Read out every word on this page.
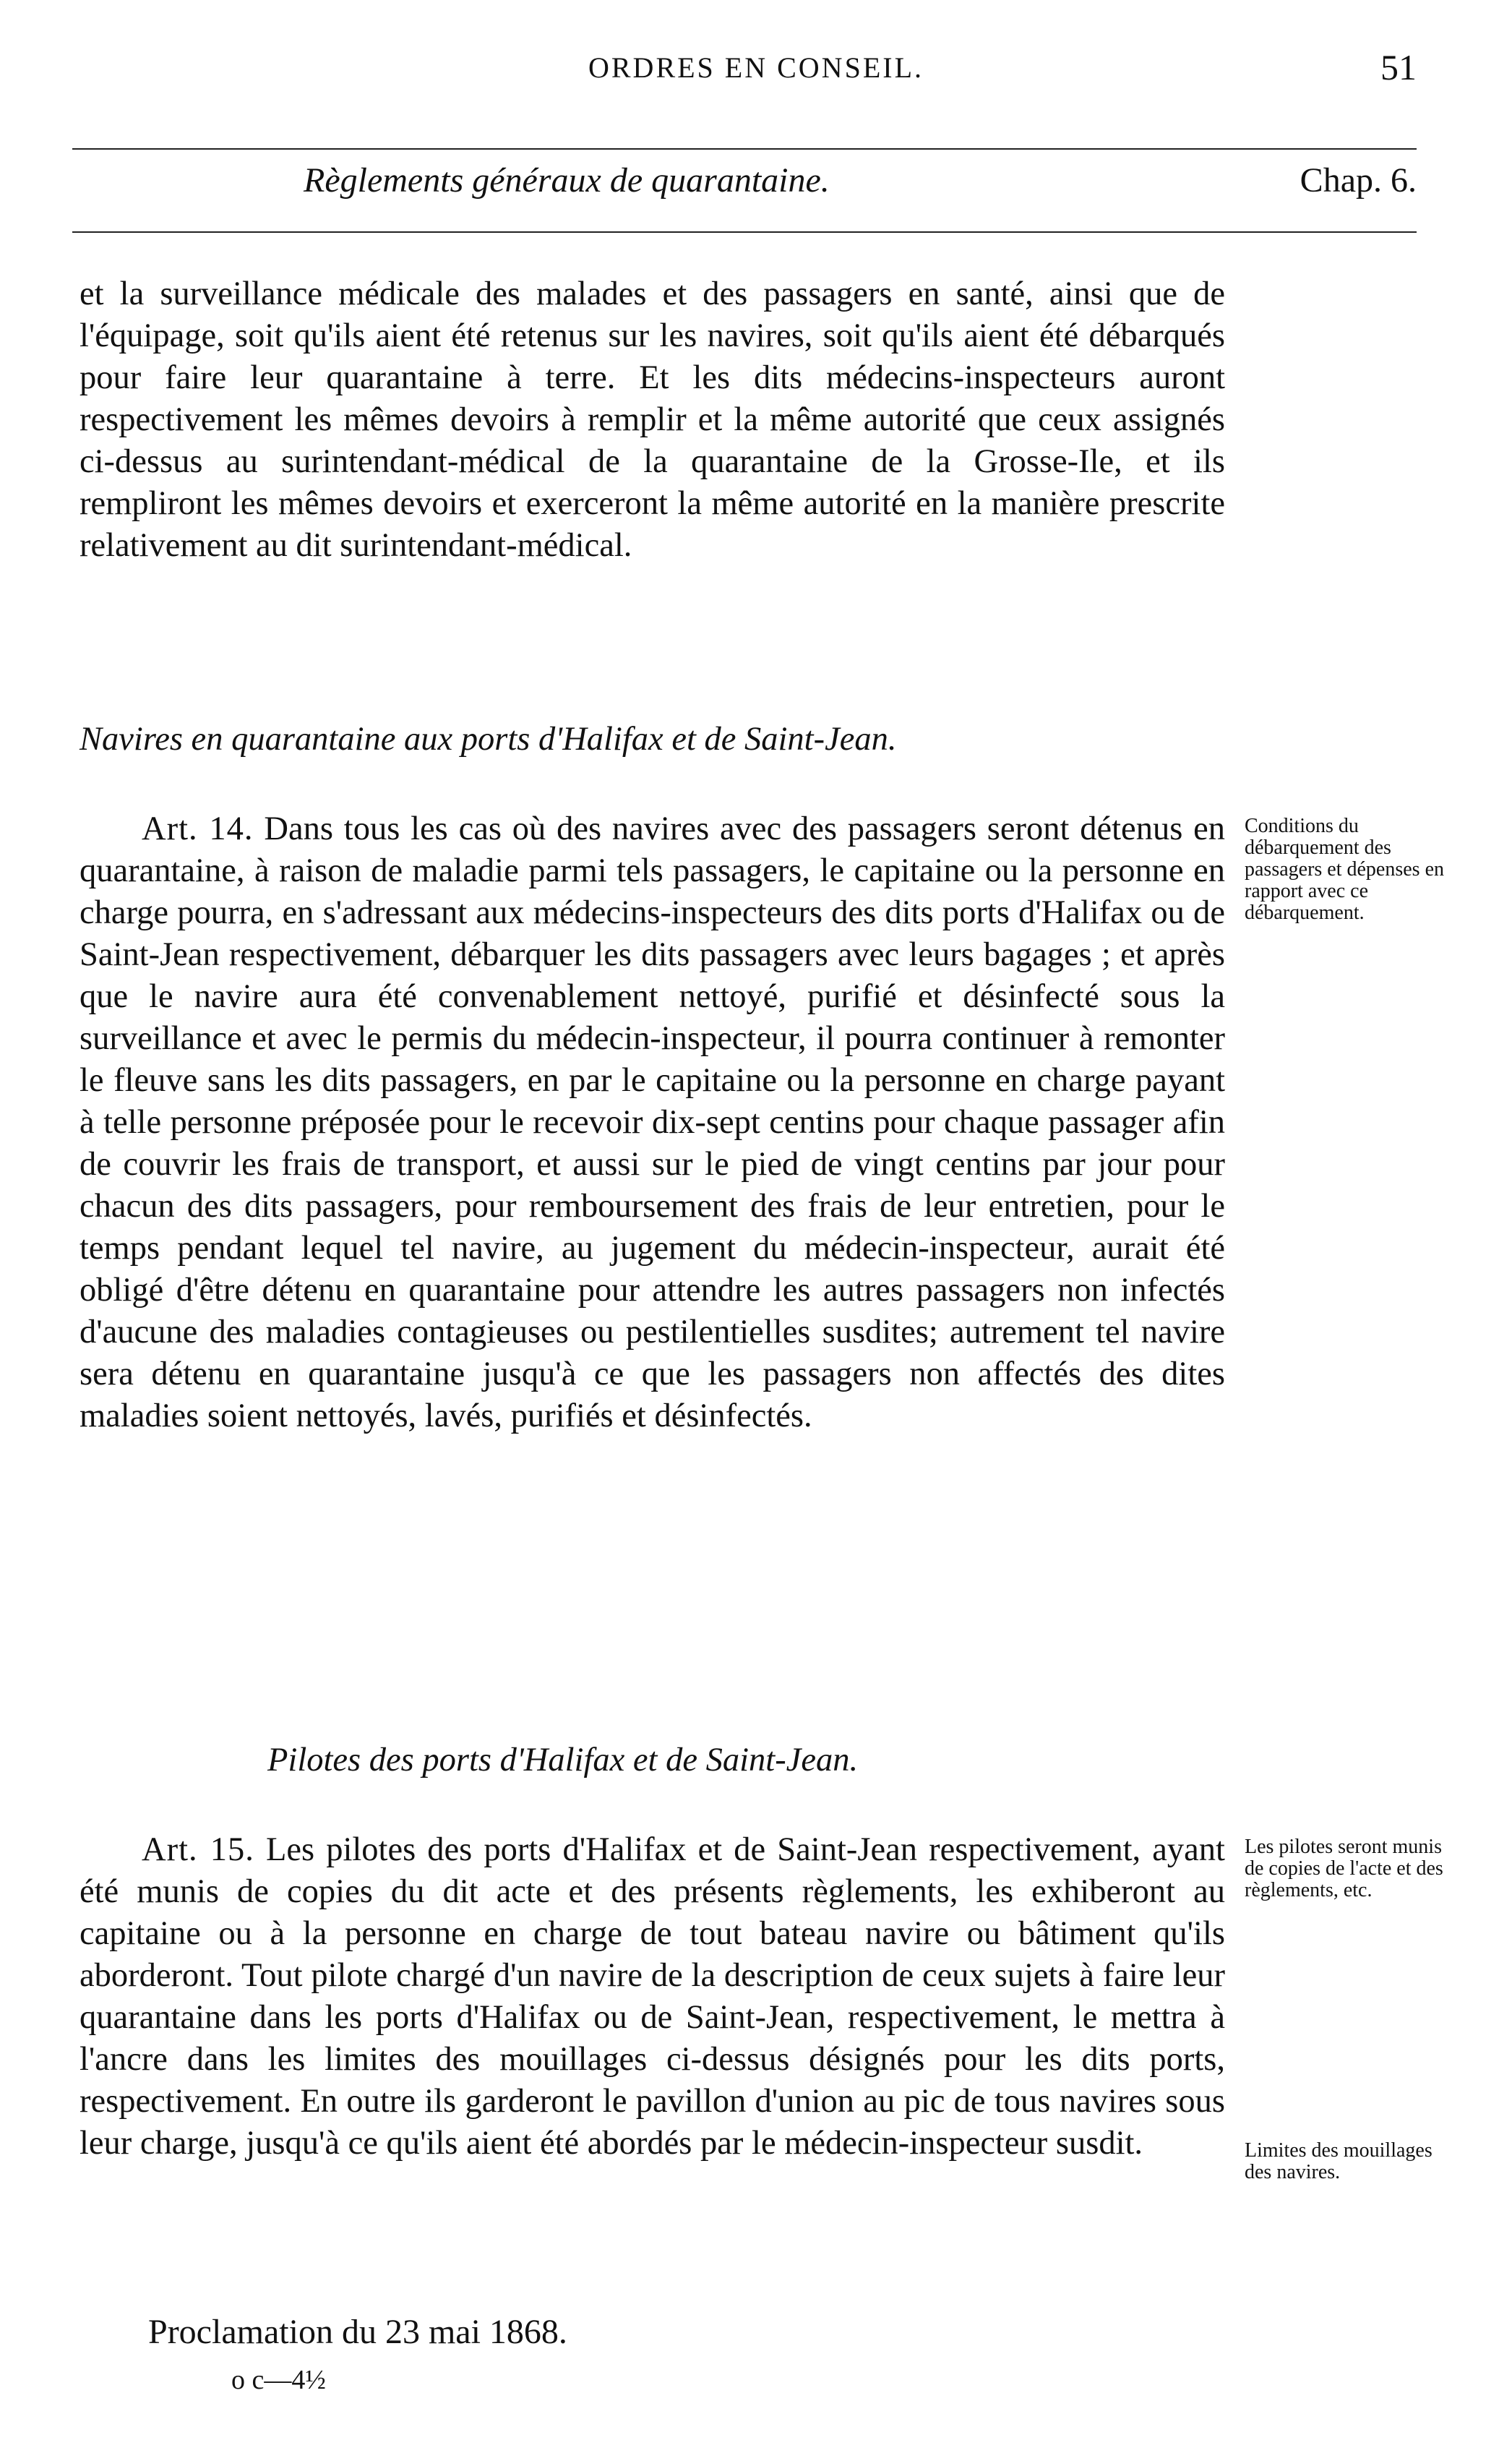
ORDRES EN CONSEIL.	51
Règlements généraux de quarantaine.	Chap. 6.

et la surveillance médicale des malades et des passagers en santé, ainsi que de l'équipage, soit qu'ils aient été retenus sur les navires, soit qu'ils aient été débarqués pour faire leur quarantaine à terre. Et les dits médecins-inspecteurs auront respectivement les mêmes devoirs à remplir et la même autorité que ceux assignés ci-dessus au surintendant-médical de la quarantaine de la Grosse-Ile, et ils rempliront les mêmes devoirs et exerceront la même autorité en la manière prescrite relativement au dit surintendant-médical.

Navires en quarantaine aux ports d'Halifax et de Saint-Jean.

Art. 14. Dans tous les cas où des navires avec des passagers seront détenus en quarantaine, à raison de maladie parmi tels passagers, le capitaine ou la personne en charge pourra, en s'adressant aux médecins-inspecteurs des dits ports d'Halifax ou de Saint-Jean respectivement, débarquer les dits passagers avec leurs bagages ; et après que le navire aura été convenablement nettoyé, purifié et désinfecté sous la surveillance et avec le permis du médecin-inspecteur, il pourra continuer à remonter le fleuve sans les dits passagers, en par le capitaine ou la personne en charge payant à telle personne préposée pour le recevoir dix-sept centins pour chaque passager afin de couvrir les frais de transport, et aussi sur le pied de vingt centins par jour pour chacun des dits passagers, pour remboursement des frais de leur entretien, pour le temps pendant lequel tel navire, au jugement du médecin-inspecteur, aurait été obligé d'être détenu en quarantaine pour attendre les autres passagers non infectés d'aucune des maladies contagieuses ou pestilentielles susdites; autrement tel navire sera détenu en quarantaine jusqu'à ce que les passagers non affectés des dites maladies soient nettoyés, lavés, purifiés et désinfectés.

Conditions du débarquement des passagers et dépenses en rapport avec ce débarquement.
Pilotes des ports d'Halifax et de Saint-Jean.

Art. 15. Les pilotes des ports d'Halifax et de Saint-Jean respectivement, ayant été munis de copies du dit acte et des présents règlements, les exhiberont au capitaine ou à la personne en charge de tout bateau navire ou bâtiment qu'ils aborderont. Tout pilote chargé d'un navire de la description de ceux sujets à faire leur quarantaine dans les ports d'Halifax ou de Saint-Jean, respectivement, le mettra à l'ancre dans les limites des mouillages ci-dessus désignés pour les dits ports, respectivement. En outre ils garderont le pavillon d'union au pic de tous navires sous leur charge, jusqu'à ce qu'ils aient été abordés par le médecin-inspecteur susdit.

Les pilotes seront munis de copies de l'acte et des règlements, etc.
Limites des mouillages des navires.
Proclamation du 23 mai 1868.
o c—4½
